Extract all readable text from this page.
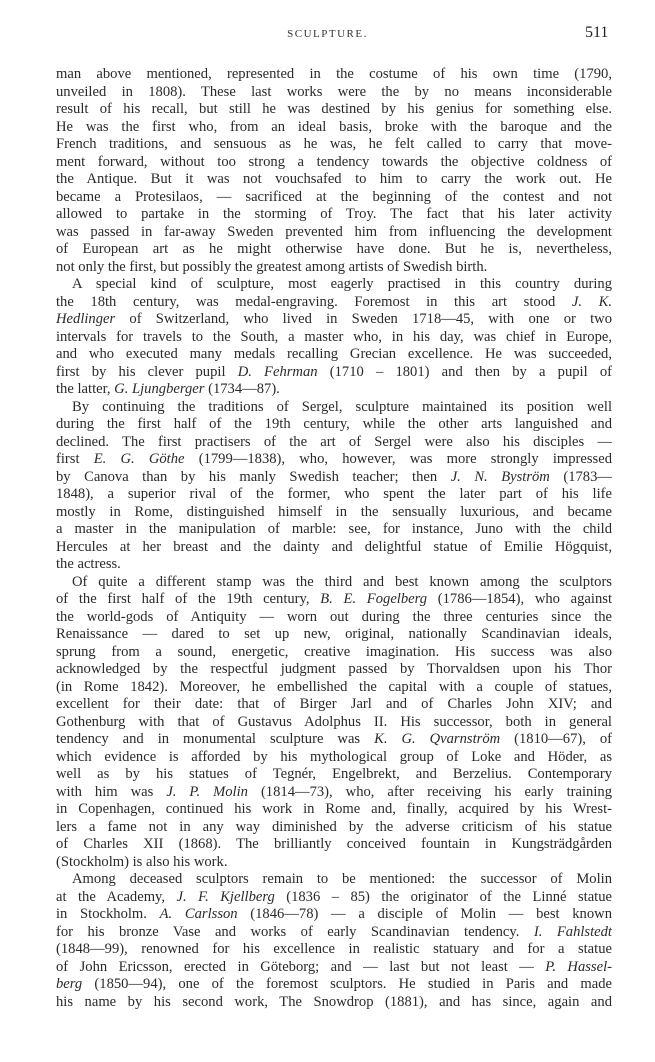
SCULPTURE.	511
man above mentioned, represented in the costume of his own time (1790,
unveiled in 1808). These last works were the by no means inconsiderable
result of his recall, but still he was destined by his genius for something else.
He was the first who, from an ideal basis, broke with the baroque and the
French traditions, and sensuous as he was, he felt called to carry that move-
ment forward, without too strong a tendency towards the objective coldness of
the Antique. But it was not vouchsafed to him to carry the work out. He
became a Protesilaos, — sacrificed at the beginning of the contest and not
allowed to partake in the storming of Troy. The fact that his later activity
was passed in far-away Sweden prevented him from influencing the development
of European art as he might otherwise have done. But he is, nevertheless,
not only the first, but possibly the greatest among artists of Swedish birth.
A special kind of sculpture, most eagerly practised in this country during
the 18th century, was medal-engraving. Foremost in this art stood J. K.
Hedlinger of Switzerland, who lived in Sweden 1718—45, with one or two
intervals for travels to the South, a master who, in his day, was chief in Europe,
and who executed many medals recalling Grecian excellence. He was succeeded,
first by his clever pupil D. Fehrman (1710 – 1801) and then by a pupil of
the latter, G. Ljungberger (1734—87).
By continuing the traditions of Sergel, sculpture maintained its position well
during the first half of the 19th century, while the other arts languished and
declined. The first practisers of the art of Sergel were also his disciples —
first E. G. Göthe (1799—1838), who, however, was more strongly impressed
by Canova than by his manly Swedish teacher; then J. N. Byström (1783—
1848), a superior rival of the former, who spent the later part of his life
mostly in Rome, distinguished himself in the sensually luxurious, and became
a master in the manipulation of marble: see, for instance, Juno with the child
Hercules at her breast and the dainty and delightful statue of Emilie Högquist,
the actress.
Of quite a different stamp was the third and best known among the sculptors
of the first half of the 19th century, B. E. Fogelberg (1786—1854), who against
the world-gods of Antiquity — worn out during the three centuries since the
Renaissance — dared to set up new, original, nationally Scandinavian ideals,
sprung from a sound, energetic, creative imagination. His success was also
acknowledged by the respectful judgment passed by Thorvaldsen upon his Thor
(in Rome 1842). Moreover, he embellished the capital with a couple of statues,
excellent for their date: that of Birger Jarl and of Charles John XIV; and
Gothenburg with that of Gustavus Adolphus II. His successor, both in general
tendency and in monumental sculpture was K. G. Qvarnström (1810—67), of
which evidence is afforded by his mythological group of Loke and Höder, as
well as by his statues of Tegnér, Engelbrekt, and Berzelius. Contemporary
with him was J. P. Molin (1814—73), who, after receiving his early training
in Copenhagen, continued his work in Rome and, finally, acquired by his Wrest-
lers a fame not in any way diminished by the adverse criticism of his statue
of Charles XII (1868). The brilliantly conceived fountain in Kungsträdgården
(Stockholm) is also his work.
Among deceased sculptors remain to be mentioned: the successor of Molin
at the Academy, J. F. Kjellberg (1836 – 85) the originator of the Linné statue
in Stockholm. A. Carlsson (1846—78) — a disciple of Molin — best known
for his bronze Vase and works of early Scandinavian tendency. I. Fahlstedt
(1848—99), renowned for his excellence in realistic statuary and for a statue
of John Ericsson, erected in Göteborg; and — last but not least — P. Hassel-
berg (1850—94), one of the foremost sculptors. He studied in Paris and made
his name by his second work, The Snowdrop (1881), and has since, again and
